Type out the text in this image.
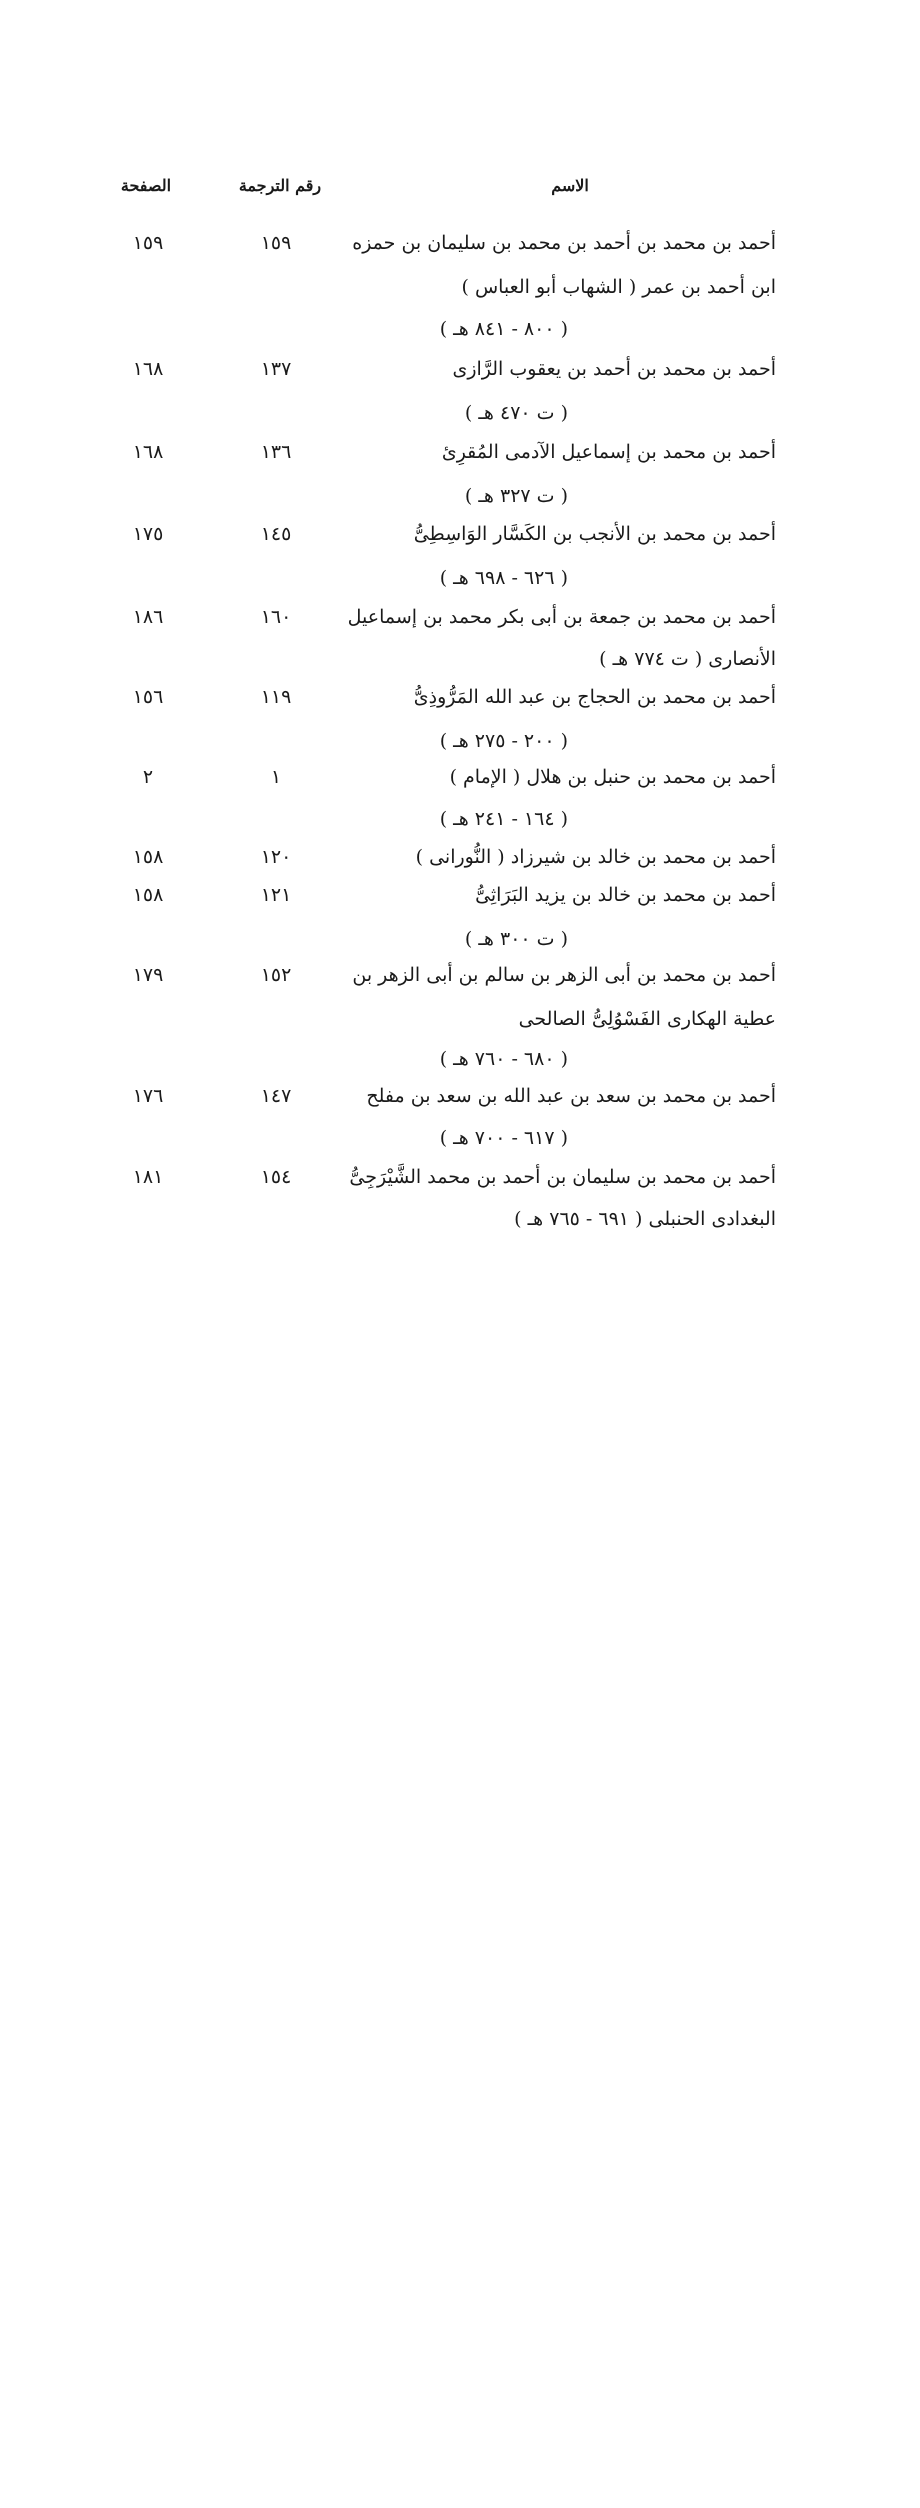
الاسم
رقم الترجمة
الصفحة
أحمد بن محمد بن أحمد بن محمد بن سليمان بن حمزه
ابن أحمد بن عمر ( الشهاب أبو العباس )
( ٨٠٠ - ٨٤١ هـ )
١٥٩
١٥٩
أحمد بن محمد بن أحمد بن يعقوب الرَّازى
( ت ٤٧٠ هـ )
١٣٧
١٦٨
أحمد بن محمد بن إسماعيل الآدمى المُقرِئ
( ت ٣٢٧ هـ )
١٣٦
١٦٨
أحمد بن محمد بن الأنجب بن الكَسَّار الوَاسِطِىُّ
( ٦٢٦ - ٦٩٨ هـ )
١٤٥
١٧٥
أحمد بن محمد بن جمعة بن أبى بكر محمد بن إسماعيل
الأنصارى ( ت ٧٧٤ هـ )
١٦٠
١٨٦
أحمد بن محمد بن الحجاج بن عبد الله المَرُّوذِىُّ
( ٢٠٠ - ٢٧٥ هـ )
١١٩
١٥٦
أحمد بن محمد بن حنبل بن هلال ( الإمام )
( ١٦٤ - ٢٤١ هـ )
١
٢
أحمد بن محمد بن خالد بن شيرزاد ( النُّورانى )
١٢٠
١٥٨
أحمد بن محمد بن خالد بن يزيد البَرَاثِىُّ
( ت ٣٠٠ هـ )
١٢١
١٥٨
أحمد بن محمد بن أبى الزهر بن سالم بن أبى الزهر بن
عطية الهكارى الفَسْوُلِىُّ الصالحى
( ٦٨٠ - ٧٦٠ هـ )
١٥٢
١٧٩
أحمد بن محمد بن سعد بن عبد الله بن سعد بن مفلح
( ٦١٧ - ٧٠٠ هـ )
١٤٧
١٧٦
أحمد بن محمد بن سليمان بن أحمد بن محمد الشَّيْرَجِىُّ
البغدادى الحنبلى ( ٦٩١ - ٧٦٥ هـ )
١٥٤
١٨١
